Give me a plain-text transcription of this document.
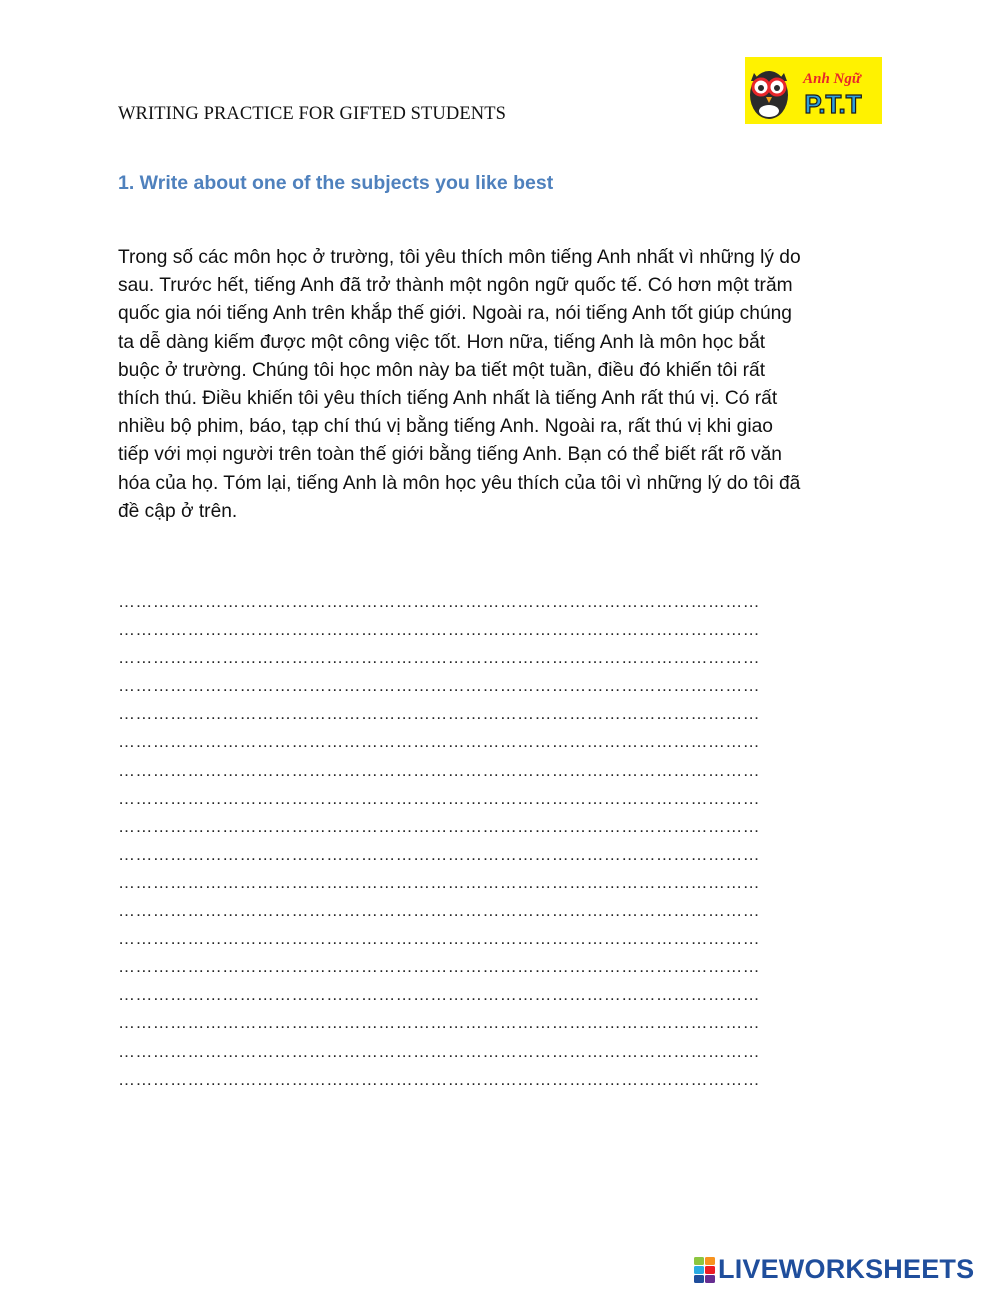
WRITING PRACTICE FOR GIFTED STUDENTS
Anh Ngữ
P.T.T
1. Write about one of the subjects you like best
Trong số các môn học ở trường, tôi yêu thích môn tiếng Anh nhất vì những lý do
sau. Trước hết, tiếng Anh đã trở thành một ngôn ngữ quốc tế. Có hơn một trăm
quốc gia nói tiếng Anh trên khắp thế giới. Ngoài ra, nói tiếng Anh tốt giúp chúng
ta dễ dàng kiếm được một công việc tốt. Hơn nữa, tiếng Anh là môn học bắt
buộc ở trường. Chúng tôi học môn này ba tiết một tuần, điều đó khiến tôi rất
thích thú. Điều khiến tôi yêu thích tiếng Anh nhất là tiếng Anh rất thú vị. Có rất
nhiều bộ phim, báo, tạp chí thú vị bằng tiếng Anh. Ngoài ra, rất thú vị khi giao
tiếp với mọi người trên toàn thế giới bằng tiếng Anh. Bạn có thể biết rất rõ văn
hóa của họ. Tóm lại, tiếng Anh là môn học yêu thích của tôi vì những lý do tôi đã
đề cập ở trên.
…………………………………………………………………………………………………
…………………………………………………………………………………………………
…………………………………………………………………………………………………
…………………………………………………………………………………………………
…………………………………………………………………………………………………
…………………………………………………………………………………………………
…………………………………………………………………………………………………
…………………………………………………………………………………………………
…………………………………………………………………………………………………
…………………………………………………………………………………………………
…………………………………………………………………………………………………
…………………………………………………………………………………………………
…………………………………………………………………………………………………
…………………………………………………………………………………………………
…………………………………………………………………………………………………
…………………………………………………………………………………………………
…………………………………………………………………………………………………
…………………………………………………………………………………………………
LIVEWORKSHEETS
